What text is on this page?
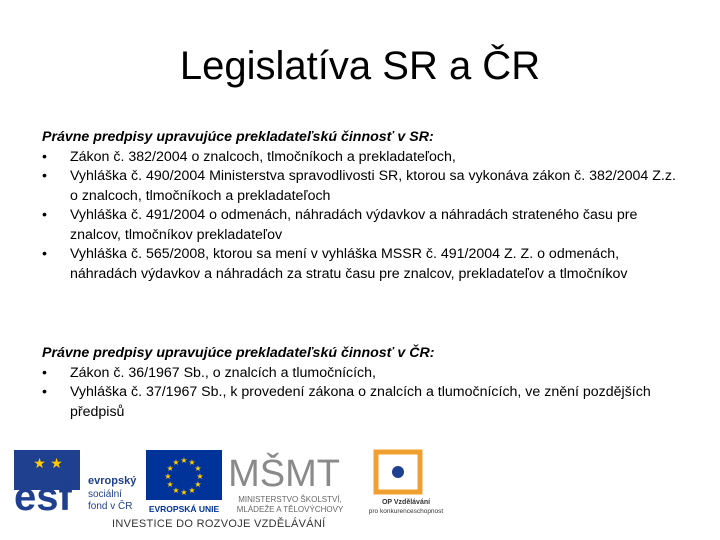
Legislatíva SR a ČR

Právne predpisy upravujúce prekladateľskú činnosť v SR:

•	Zákon č. 382/2004 o znalcoch, tlmočníkoch a prekladateľoch,
•	Vyhláška č. 490/2004 Ministerstva spravodlivosti SR, ktorou sa vykonáva zákon č. 382/2004 Z.z. o znalcoch, tlmočníkoch a prekladateľoch
•	Vyhláška č. 491/2004 o odmenách, náhradách výdavkov a náhradách strateného času pre znalcov, tlmočníkov prekladateľov
•	Vyhláška č. 565/2008, ktorou sa mení v vyhláška MSSR č. 491/2004 Z. Z. o odmenách, náhradách výdavkov a náhradách za stratu času pre znalcov, prekladateľov a tlmočníkov

Právne predpisy upravujúce prekladateľskú činnosť v ČR:

•	Zákon č. 36/1967 Sb., o znalcích a tlumočnících,
•	Vyhláška č. 37/1967 Sb., k provedení zákona o znalcích a tlumočnících, ve znění pozdějších předpisů
★ ★
esf evropský
sociální
fond v ČR
★ ★
★
★
★
★
★
★
★
★
★
★
EVROPSKÁ UNIE
MŠMT
MINISTERSTVO ŠKOLSTVÍ,
MLÁDEŽE A TĚLOVÝCHOVY
OP Vzdělávání
pro konkurenceschopnost
INVESTICE DO ROZVOJE VZDĚLÁVÁNÍ
